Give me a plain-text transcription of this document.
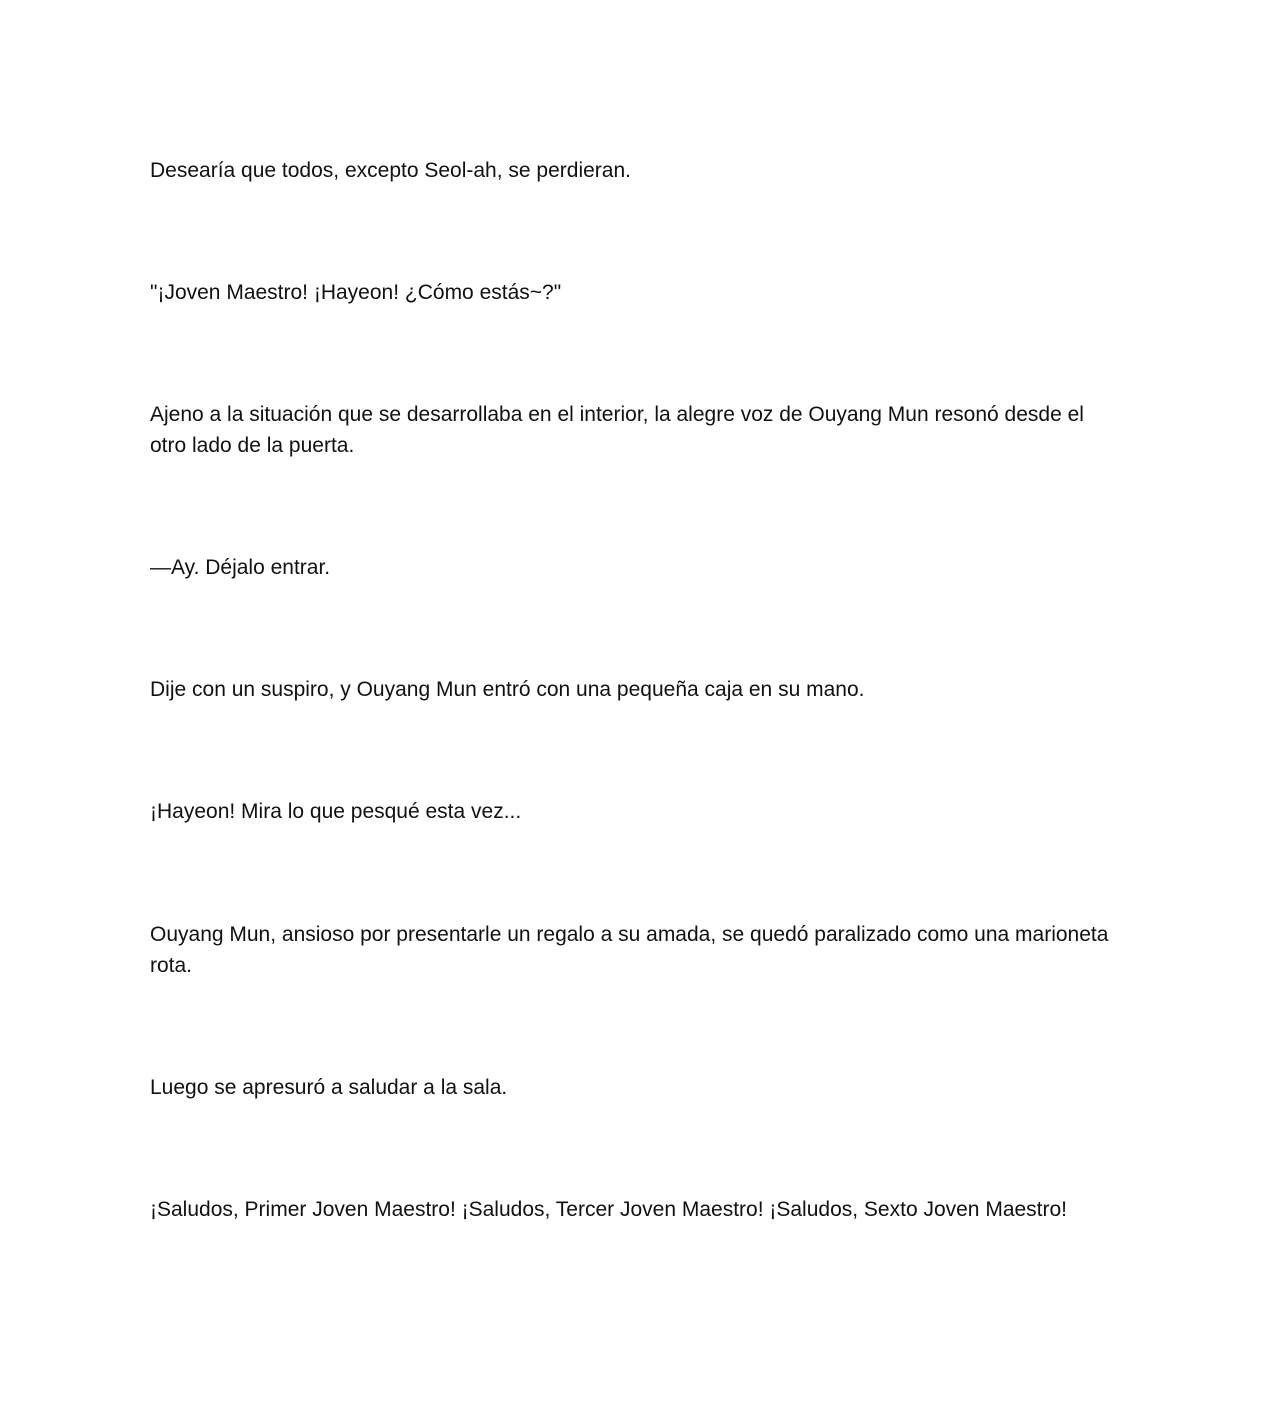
Desearía que todos, excepto Seol-ah, se perdieran.

"¡Joven Maestro! ¡Hayeon! ¿Cómo estás~?"

Ajeno a la situación que se desarrollaba en el interior, la alegre voz de Ouyang Mun resonó desde el otro lado de la puerta.

—Ay. Déjalo entrar.

Dije con un suspiro, y Ouyang Mun entró con una pequeña caja en su mano.

¡Hayeon! Mira lo que pesqué esta vez...

Ouyang Mun, ansioso por presentarle un regalo a su amada, se quedó paralizado como una marioneta rota.

Luego se apresuró a saludar a la sala.

¡Saludos, Primer Joven Maestro! ¡Saludos, Tercer Joven Maestro! ¡Saludos, Sexto Joven Maestro!
